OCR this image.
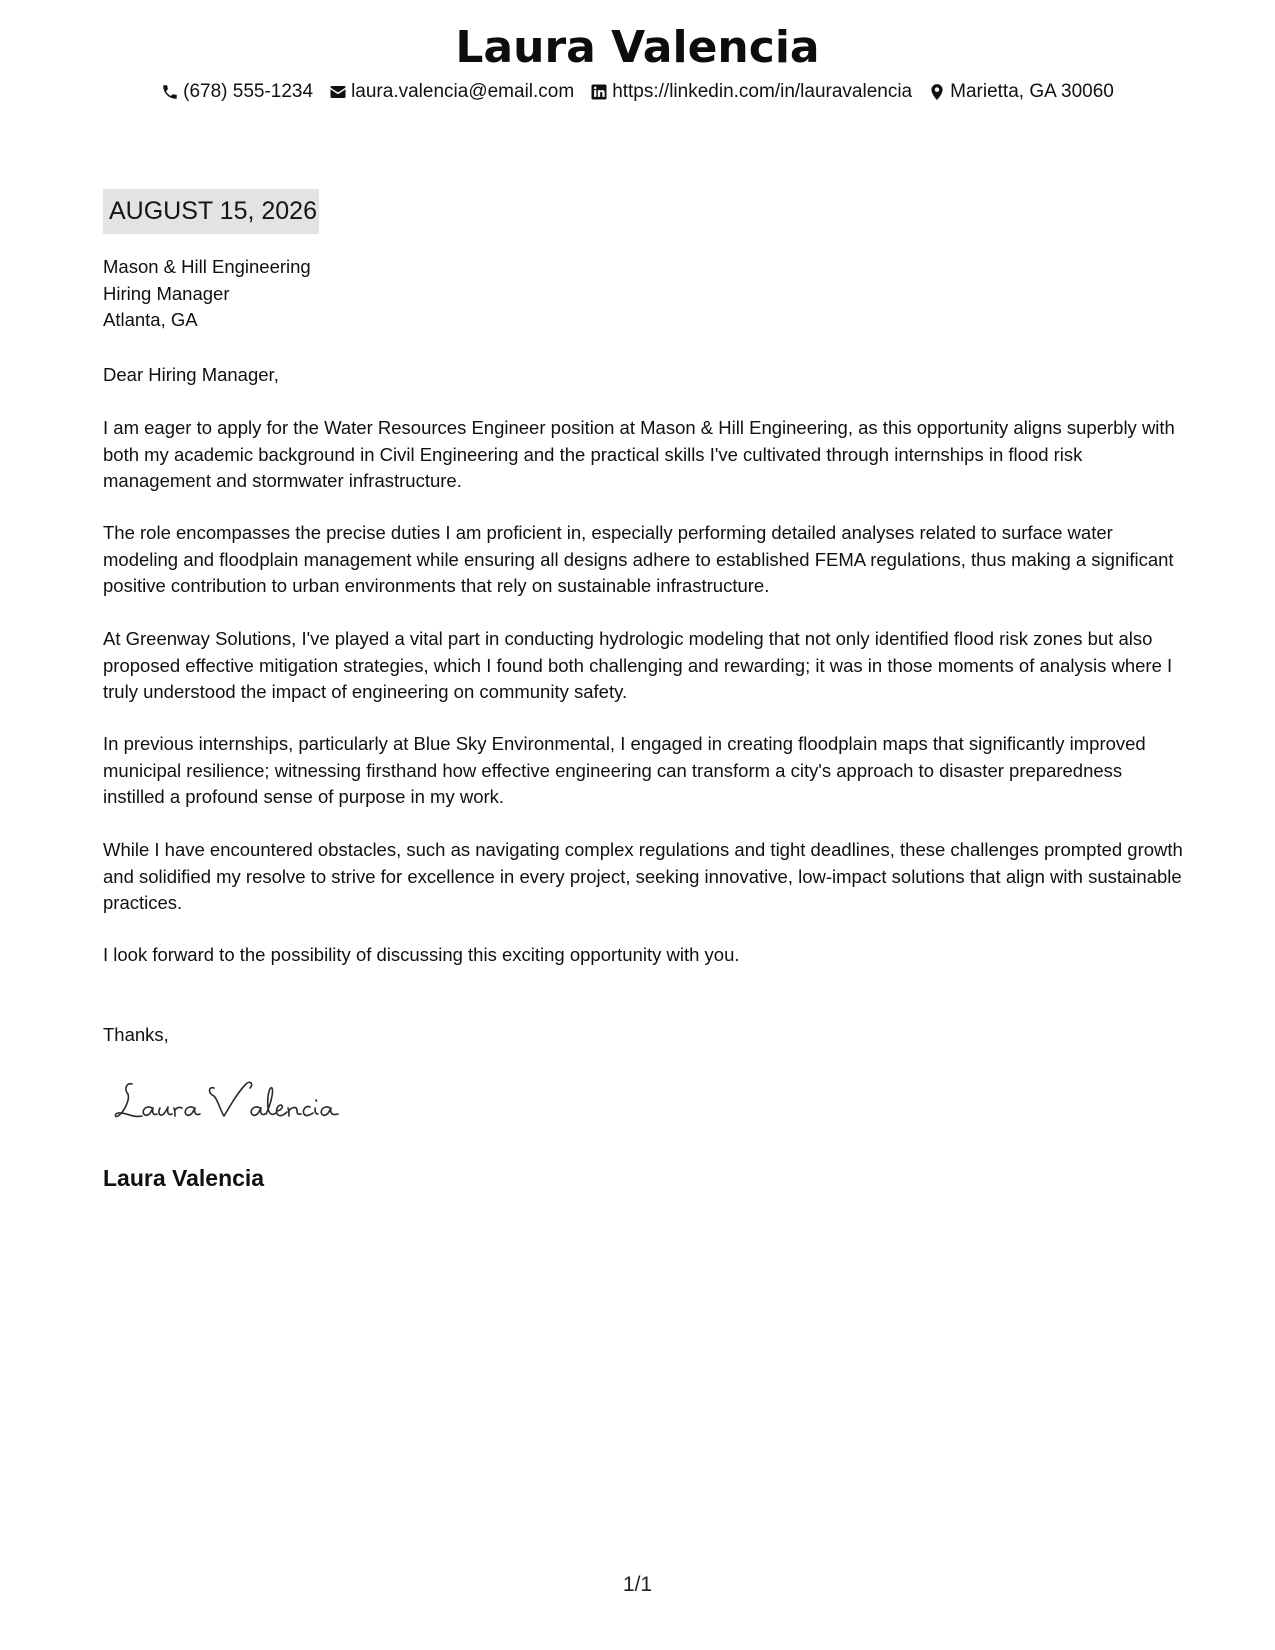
Laura Valencia
(678) 555-1234 laura.valencia@email.com https://linkedin.com/in/lauravalencia Marietta, GA 30060
AUGUST 15, 2026
Mason & Hill Engineering
Hiring Manager
Atlanta, GA
Dear Hiring Manager,

I am eager to apply for the Water Resources Engineer position at Mason & Hill Engineering, as this opportunity aligns superbly with both my academic background in Civil Engineering and the practical skills I've cultivated through internships in flood risk management and stormwater infrastructure.

The role encompasses the precise duties I am proficient in, especially performing detailed analyses related to surface water modeling and floodplain management while ensuring all designs adhere to established FEMA regulations, thus making a significant positive contribution to urban environments that rely on sustainable infrastructure.

At Greenway Solutions, I've played a vital part in conducting hydrologic modeling that not only identified flood risk zones but also proposed effective mitigation strategies, which I found both challenging and rewarding; it was in those moments of analysis where I truly understood the impact of engineering on community safety.

In previous internships, particularly at Blue Sky Environmental, I engaged in creating floodplain maps that significantly improved municipal resilience; witnessing firsthand how effective engineering can transform a city's approach to disaster preparedness instilled a profound sense of purpose in my work.

While I have encountered obstacles, such as navigating complex regulations and tight deadlines, these challenges prompted growth and solidified my resolve to strive for excellence in every project, seeking innovative, low-impact solutions that align with sustainable practices.

I look forward to the possibility of discussing this exciting opportunity with you.

Thanks,
Laura Valencia
1/1
